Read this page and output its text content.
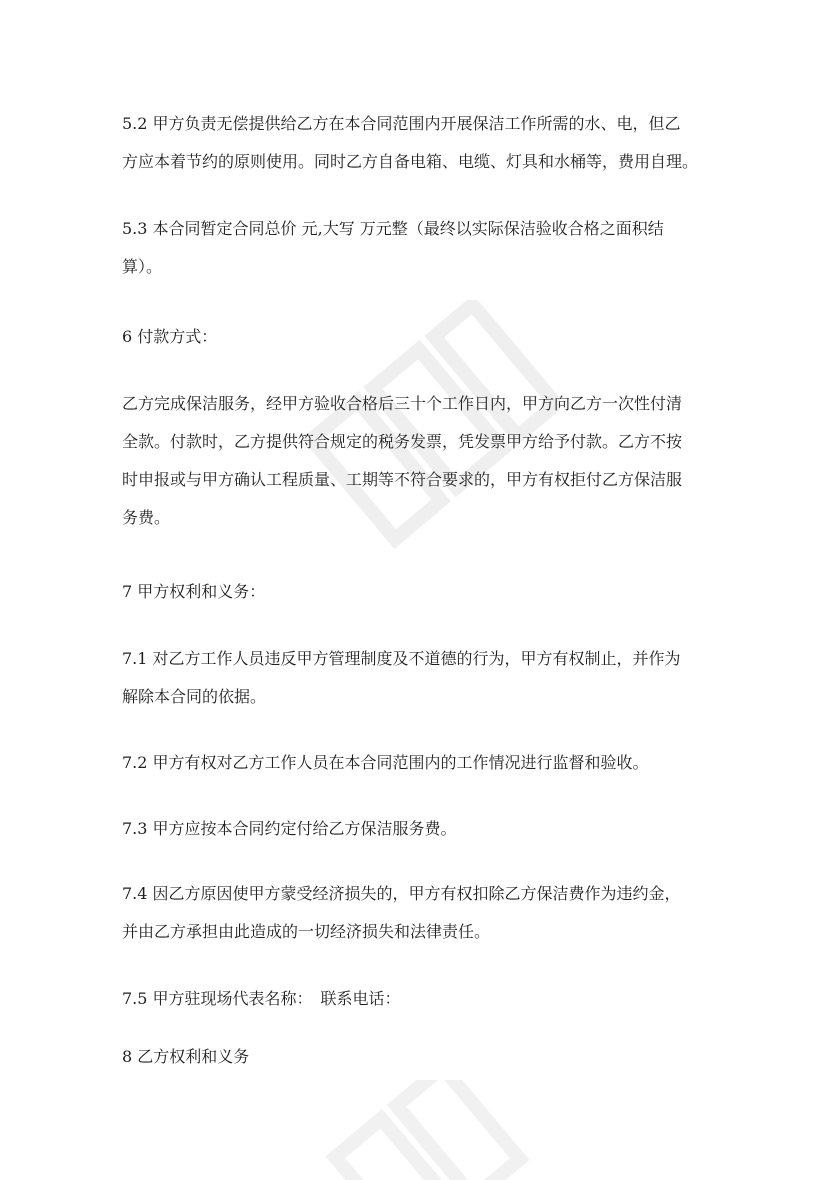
5.2 甲方负责无偿提供给乙方在本合同范围内开展保洁工作所需的水、电，但乙
方应本着节约的原则使用。同时乙方自备电箱、电缆、灯具和水桶等，费用自理。
5.3 本合同暂定合同总价 元,大写 万元整（最终以实际保洁验收合格之面积结
算）。
6 付款方式：
乙方完成保洁服务，经甲方验收合格后三十个工作日内，甲方向乙方一次性付清
全款。付款时，乙方提供符合规定的税务发票，凭发票甲方给予付款。乙方不按
时申报或与甲方确认工程质量、工期等不符合要求的，甲方有权拒付乙方保洁服
务费。
7 甲方权利和义务：
7.1 对乙方工作人员违反甲方管理制度及不道德的行为，甲方有权制止，并作为
解除本合同的依据。
7.2 甲方有权对乙方工作人员在本合同范围内的工作情况进行监督和验收。
7.3 甲方应按本合同约定付给乙方保洁服务费。
7.4 因乙方原因使甲方蒙受经济损失的，甲方有权扣除乙方保洁费作为违约金，
并由乙方承担由此造成的一切经济损失和法律责任。
7.5 甲方驻现场代表名称：　联系电话：
8 乙方权利和义务
